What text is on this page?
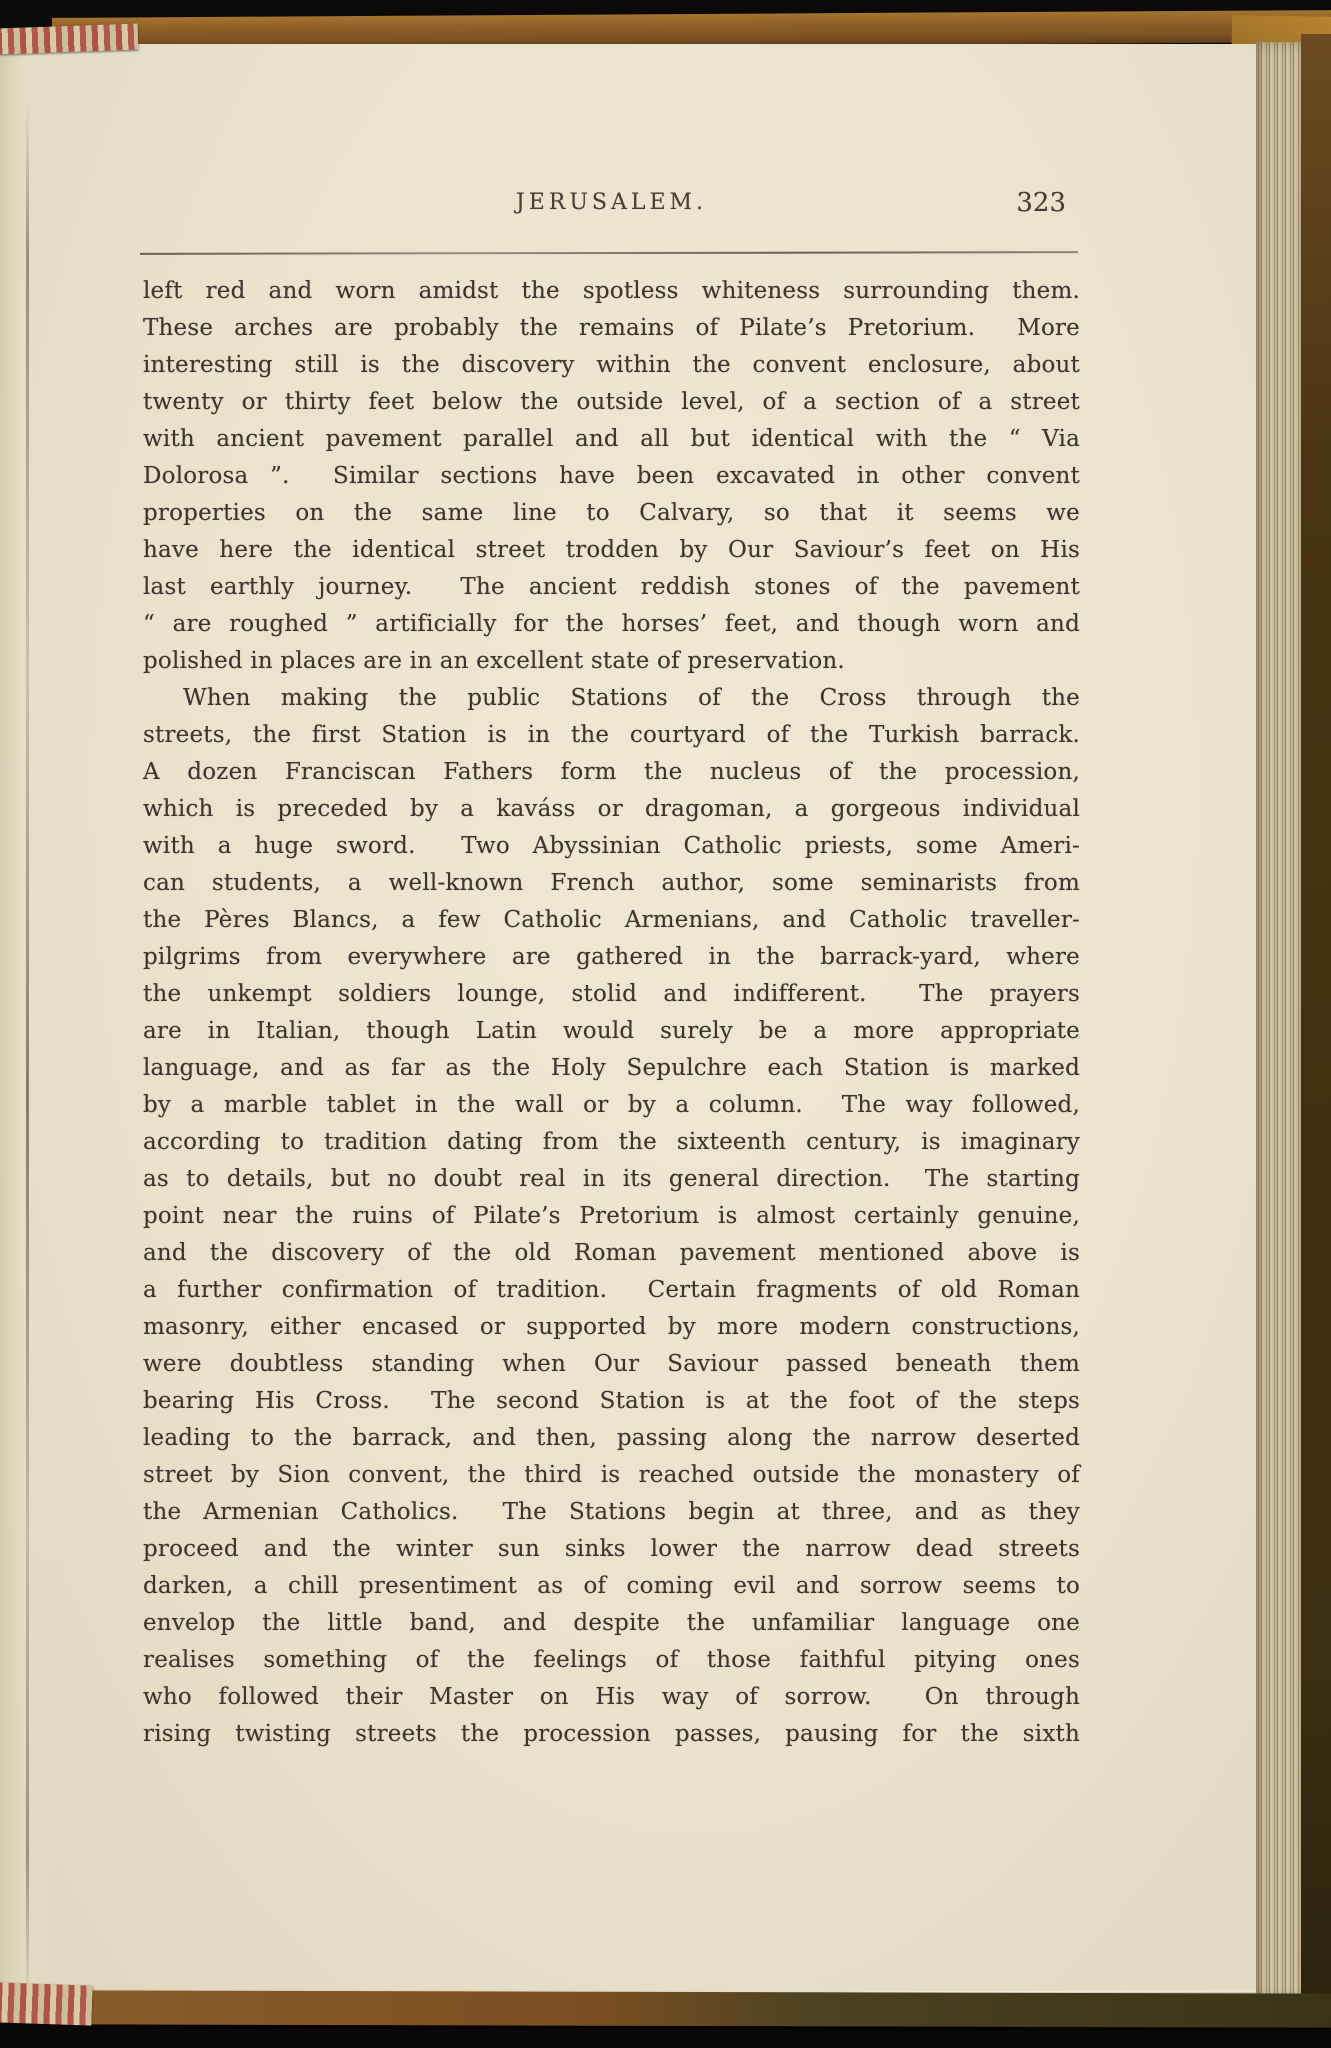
JERUSALEM.	323
left red and worn amidst the spotless whiteness surrounding them.
These arches are probably the remains of Pilate’s Pretorium.  More
interesting still is the discovery within the convent enclosure, about
twenty or thirty feet below the outside level, of a section of a street
with ancient pavement parallel and all but identical with the “ Via
Dolorosa ”.  Similar sections have been excavated in other convent
properties on the same line to Calvary, so that it seems we
have here the identical street trodden by Our Saviour’s feet on His
last earthly journey.  The ancient reddish stones of the pavement
“ are roughed ” artificially for the horses’ feet, and though worn and
polished in places are in an excellent state of preservation.
When making the public Stations of the Cross through the
streets, the first Station is in the courtyard of the Turkish barrack.
A dozen Franciscan Fathers form the nucleus of the procession,
which is preceded by a kaváss or dragoman, a gorgeous individual
with a huge sword.  Two Abyssinian Catholic priests, some Ameri-
can students, a well-known French author, some seminarists from
the Pères Blancs, a few Catholic Armenians, and Catholic traveller-
pilgrims from everywhere are gathered in the barrack-yard, where
the unkempt soldiers lounge, stolid and indifferent.  The prayers
are in Italian, though Latin would surely be a more appropriate
language, and as far as the Holy Sepulchre each Station is marked
by a marble tablet in the wall or by a column.  The way followed,
according to tradition dating from the sixteenth century, is imaginary
as to details, but no doubt real in its general direction.  The starting
point near the ruins of Pilate’s Pretorium is almost certainly genuine,
and the discovery of the old Roman pavement mentioned above is
a further confirmation of tradition.  Certain fragments of old Roman
masonry, either encased or supported by more modern constructions,
were doubtless standing when Our Saviour passed beneath them
bearing His Cross.  The second Station is at the foot of the steps
leading to the barrack, and then, passing along the narrow deserted
street by Sion convent, the third is reached outside the monastery of
the Armenian Catholics.  The Stations begin at three, and as they
proceed and the winter sun sinks lower the narrow dead streets
darken, a chill presentiment as of coming evil and sorrow seems to
envelop the little band, and despite the unfamiliar language one
realises something of the feelings of those faithful pitying ones
who followed their Master on His way of sorrow.  On through
rising twisting streets the procession passes, pausing for the sixth
